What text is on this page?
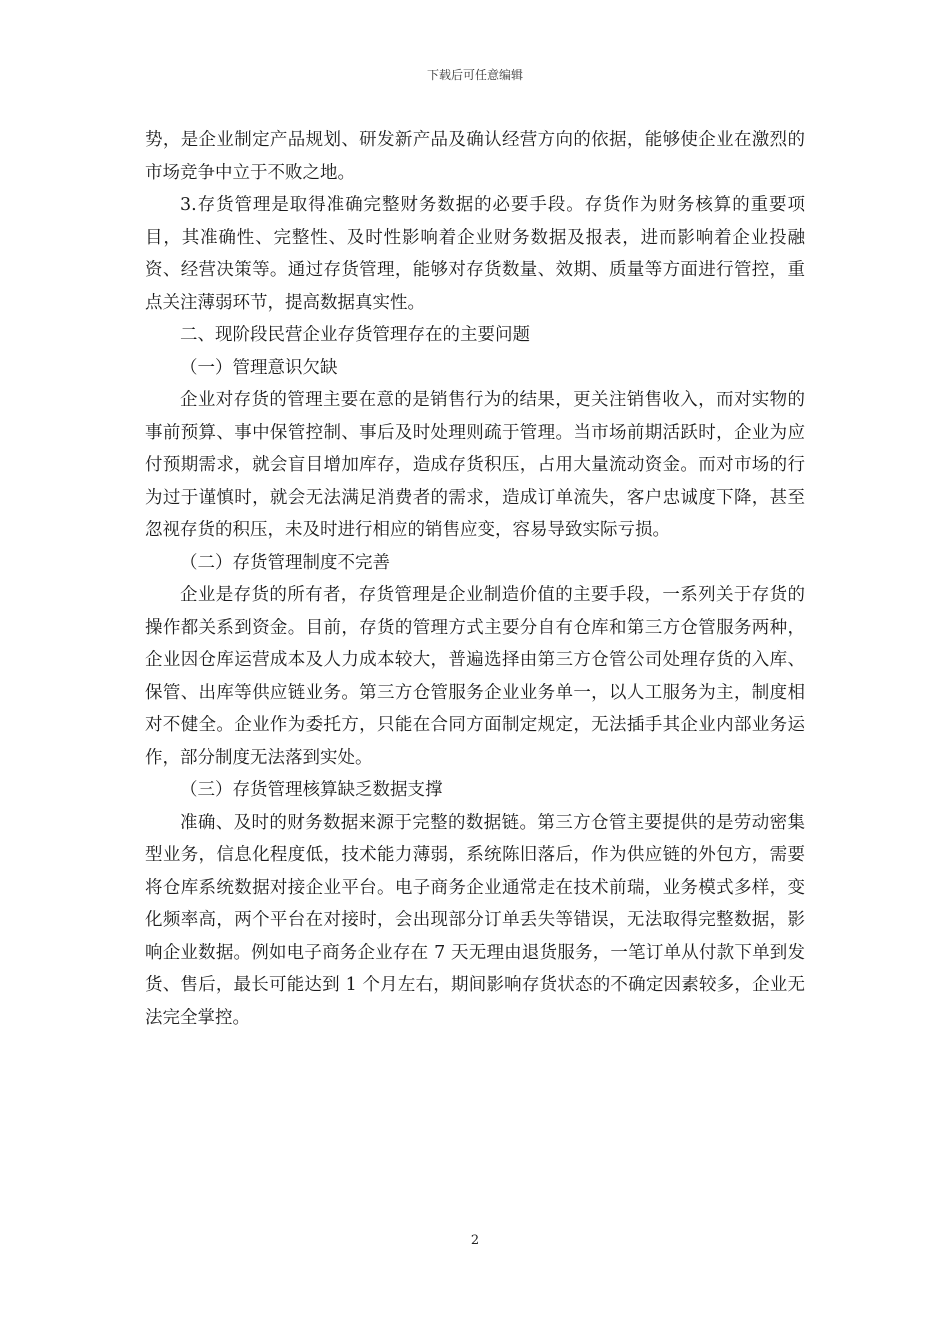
下载后可任意编辑

势，是企业制定产品规划、研发新产品及确认经营方向的依据，能够使企业在激烈的市场竞争中立于不败之地。

3.存货管理是取得准确完整财务数据的必要手段。存货作为财务核算的重要项目，其准确性、完整性、及时性影响着企业财务数据及报表，进而影响着企业投融资、经营决策等。通过存货管理，能够对存货数量、效期、质量等方面进行管控，重点关注薄弱环节，提高数据真实性。

二、现阶段民营企业存货管理存在的主要问题

（一）管理意识欠缺

企业对存货的管理主要在意的是销售行为的结果，更关注销售收入，而对实物的事前预算、事中保管控制、事后及时处理则疏于管理。当市场前期活跃时，企业为应付预期需求，就会盲目增加库存，造成存货积压，占用大量流动资金。而对市场的行为过于谨慎时，就会无法满足消费者的需求，造成订单流失，客户忠诚度下降，甚至忽视存货的积压，未及时进行相应的销售应变，容易导致实际亏损。

（二）存货管理制度不完善

企业是存货的所有者，存货管理是企业制造价值的主要手段，一系列关于存货的操作都关系到资金。目前，存货的管理方式主要分自有仓库和第三方仓管服务两种，企业因仓库运营成本及人力成本较大，普遍选择由第三方仓管公司处理存货的入库、保管、出库等供应链业务。第三方仓管服务企业业务单一，以人工服务为主，制度相对不健全。企业作为委托方，只能在合同方面制定规定，无法插手其企业内部业务运作，部分制度无法落到实处。

（三）存货管理核算缺乏数据支撑

准确、及时的财务数据来源于完整的数据链。第三方仓管主要提供的是劳动密集型业务，信息化程度低，技术能力薄弱，系统陈旧落后，作为供应链的外包方，需要将仓库系统数据对接企业平台。电子商务企业通常走在技术前瑞，业务模式多样，变化频率高，两个平台在对接时，会出现部分订单丢失等错误，无法取得完整数据，影响企业数据。例如电子商务企业存在 7 天无理由退货服务，一笔订单从付款下单到发货、售后，最长可能达到 1 个月左右，期间影响存货状态的不确定因素较多，企业无法完全掌控。

2
